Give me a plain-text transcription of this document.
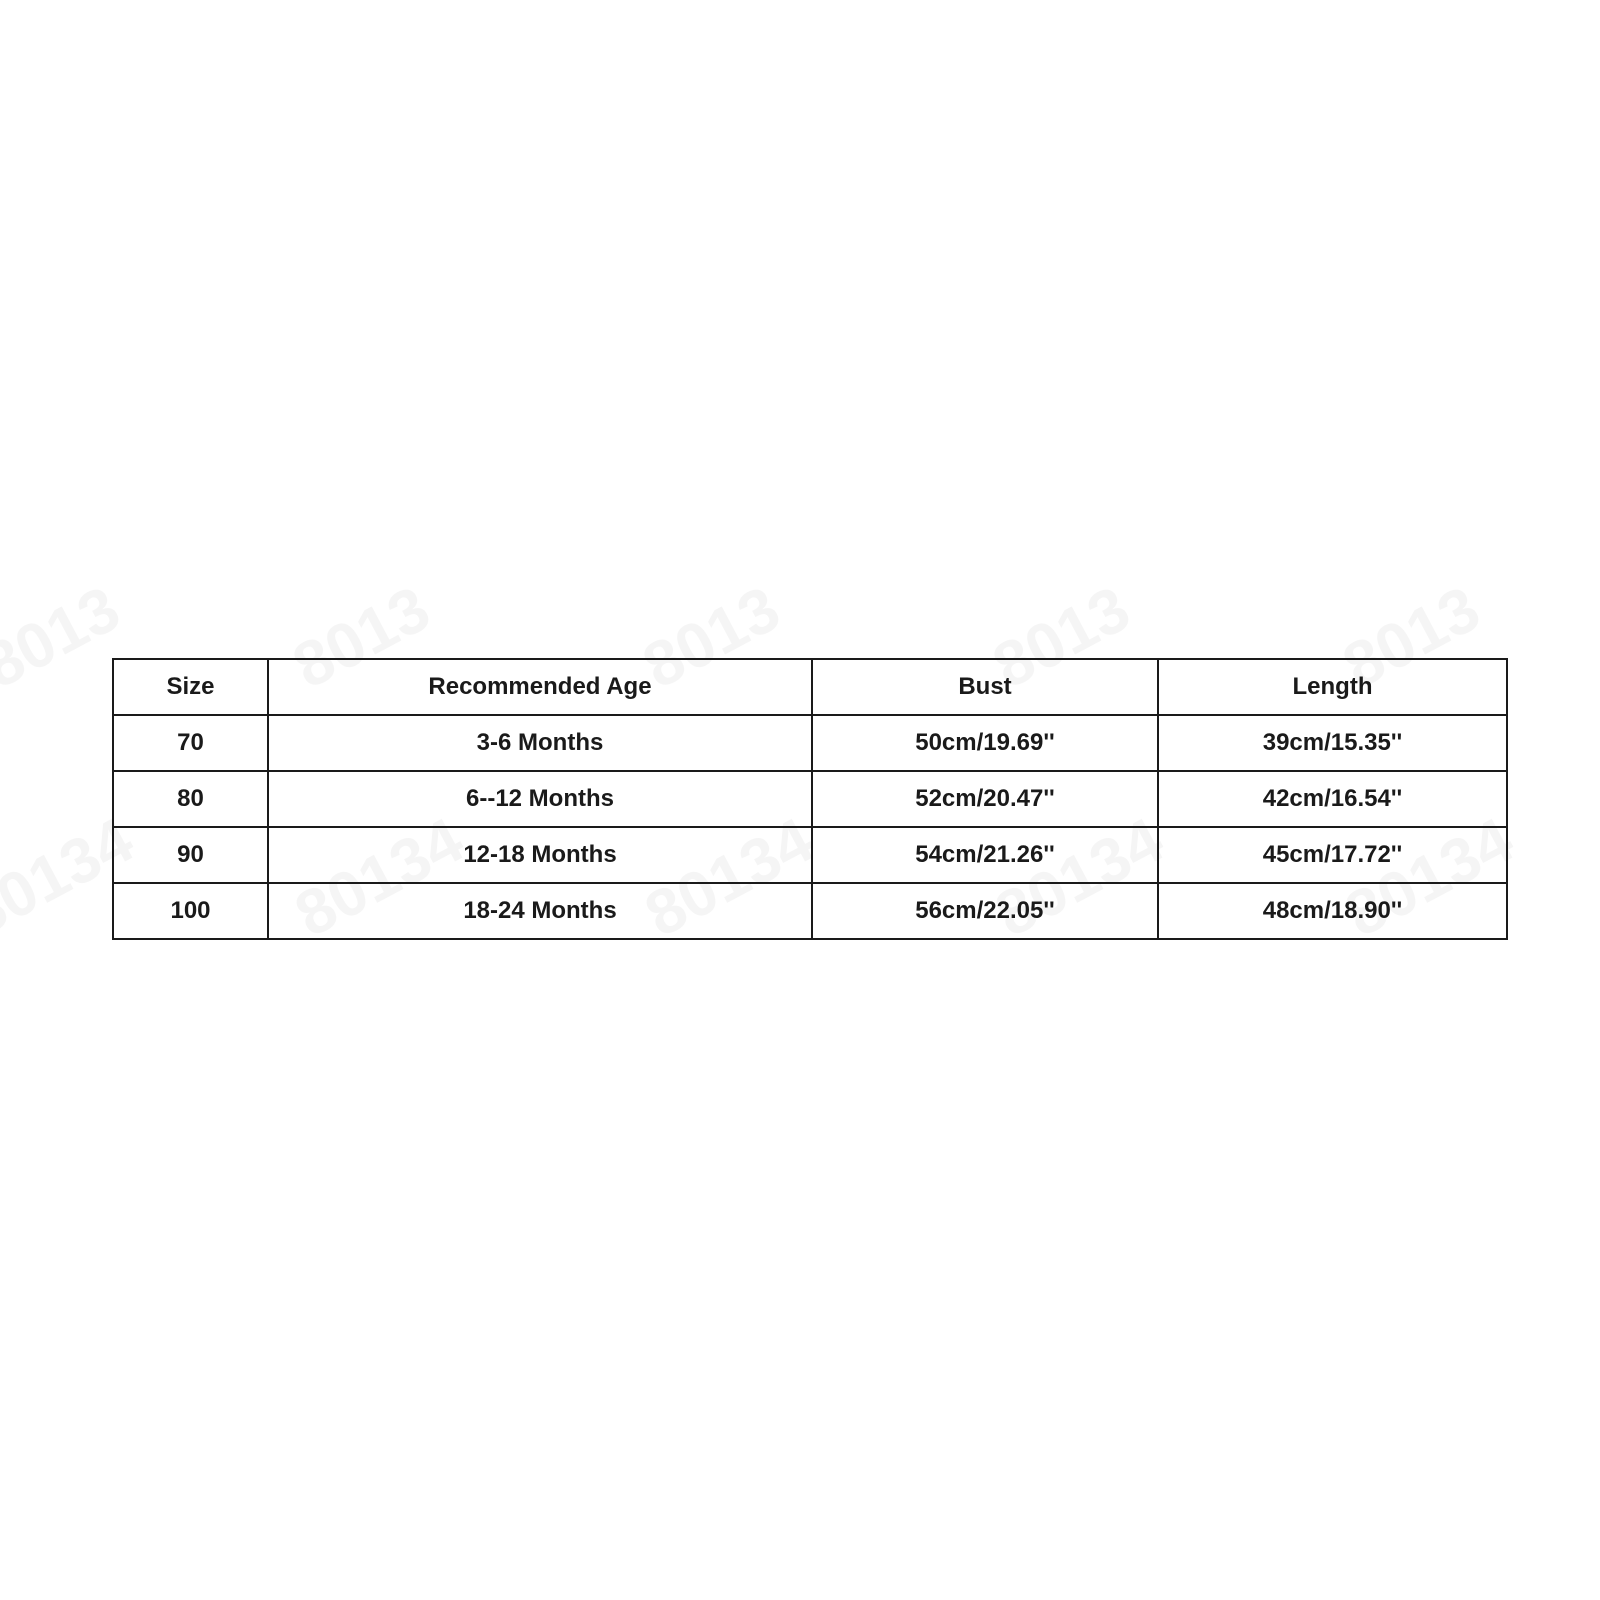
Size	Recommended Age	Bust	Length
70	3-6 Months	50cm/19.69''	39cm/15.35''
80	6--12 Months	52cm/20.47''	42cm/16.54''
90	12-18 Months	54cm/21.26''	45cm/17.72''
100	18-24 Months	56cm/22.05''	48cm/18.90''
